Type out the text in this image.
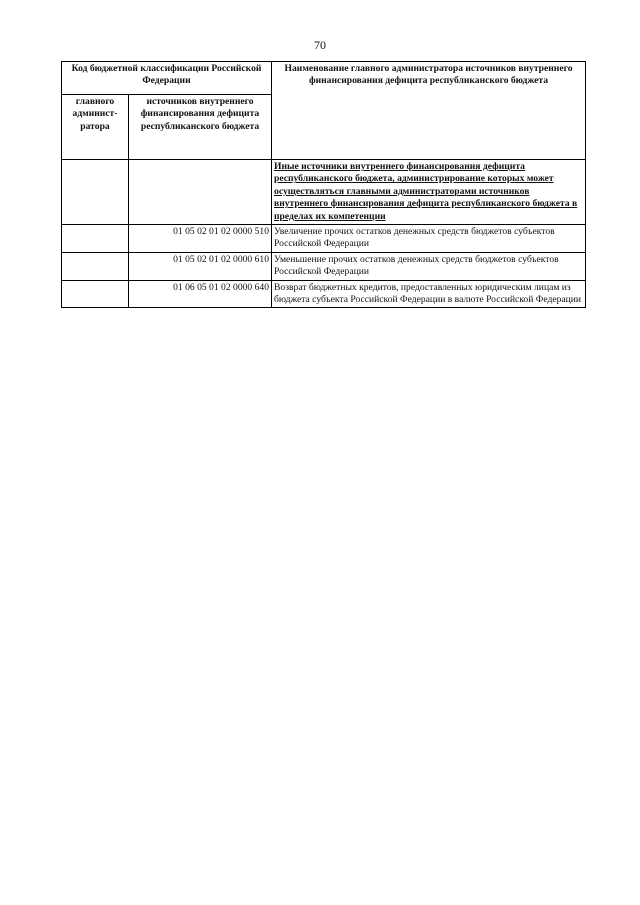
70
Код бюджетной классификации Российской Федерации		Наименование главного администратора источников внутреннего финансирования дефицита республиканского бюджета
главного админист-ратора	источников внутреннего финансирования дефицита республиканского бюджета	
		Иные источники внутреннего финансирования дефицита республиканского бюджета, администрирование которых может осуществляться главными администраторами источников внутреннего финансирования дефицита республиканского бюджета в пределах их компетенции
	01 05 02 01 02 0000 510	Увеличение прочих остатков денежных средств бюджетов субъектов Российской Федерации
	01 05 02 01 02 0000 610	Уменьшение прочих остатков денежных средств бюджетов субъектов Российской Федерации
	01 06 05 01 02 0000 640	Возврат бюджетных кредитов, предоставленных юридическим лицам из бюджета субъекта Российской Федерации в валюте Российской Федерации
